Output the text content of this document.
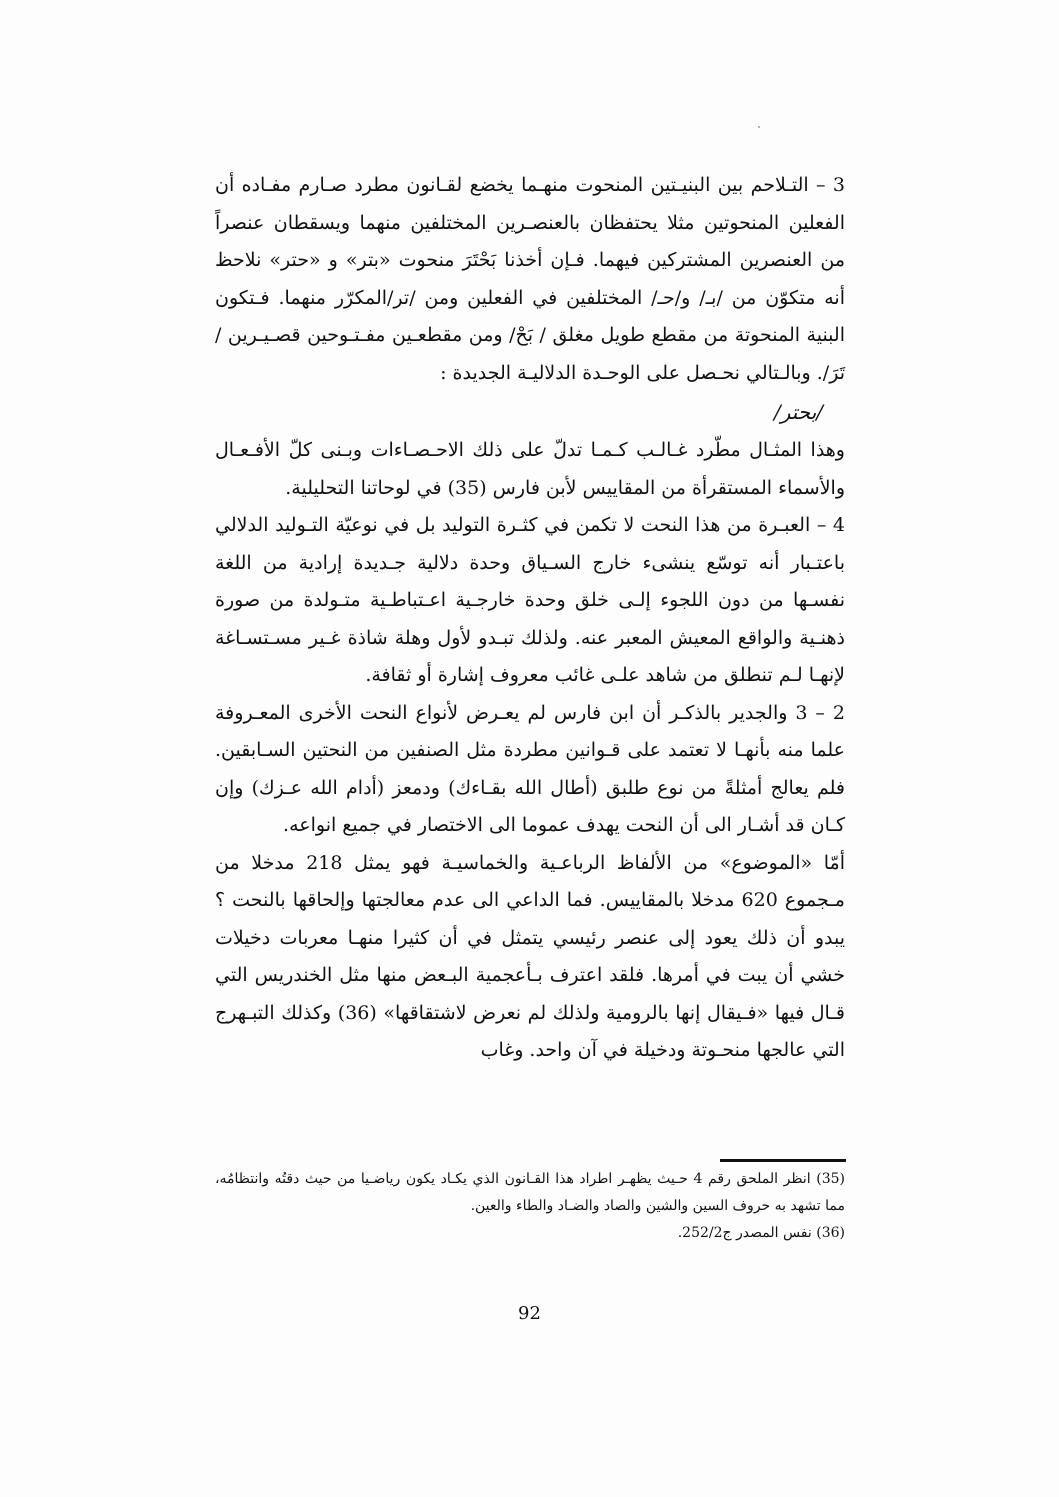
3 – التـلاحم بين البنيـتين المنحوت منهـما يخضع لقـانون مطرد صـارم مفـاده أن الفعلين المنحوتين مثلا يحتفظان بالعنصـرين المختلفين منهما ويسقطان عنصراً من العنصرين المشتركين فيهما. فـإن أخذنا بَحْتَرَ منحوت «بتر» و «حتر» نلاحظ أنه متكوّن من /بـ/ و/حـ/ المختلفين في الفعلين ومن /تر/المكرّر منهما. فـتكون البنية المنحوتة من مقطع طويل مغلق / بَحْ/ ومن مقطعـين مفـتـوحين قصـيـرين / تَرَ/. وبالـتالي نحـصل على الوحـدة الدلاليـة الجديدة :

/بحتر/

وهذا المثـال مطّرد غـالـب كـمـا تدلّ على ذلك الاحـصـاءات وبـنى كلّ الأفـعـال والأسماء المستقرأة من المقاييس لأبن فارس (35) في لوحاتنا التحليلية.

4 – العبـرة من هذا النحت لا تكمن في كثـرة التوليد بل في نوعيّة التـوليد الدلالي باعتـبار أنه توسّع ينشىء خارج السـياق وحدة دلالية جـديدة إرادية من اللغة نفسـها من دون اللجوء إلـى خلق وحدة خارجـية اعـتباطـية متـولدة من صورة ذهنـية والواقع المعيش المعبر عنه. ولذلك تبـدو لأول وهلة شاذة غـير مسـتسـاغة لإنهـا لـم تنطلق من شاهد علـى غائب معروف إشارة أو ثقافة.

2 – 3 والجدير بالذكـر أن ابن فارس لم يعـرض لأنواع النحت الأخرى المعـروفة علما منه بأنهـا لا تعتمد على قـوانين مطردة مثل الصنفين من النحتين السـابقين. فلم يعالج أمثلةً من نوع طلبق (أطال الله بقـاءك) ودمعز (أدام الله عـزك) وإن كـان قد أشـار الى أن النحت يهدف عموما الى الاختصار في جميع انواعه.

أمّا «الموضوع» من الألفاظ الرباعـية والخماسيـة فهو يمثل 218 مدخلا من مـجموع 620 مدخلا بالمقاييس. فما الداعي الى عدم معالجتها وإلحاقها بالنحت ؟ يبدو أن ذلك يعود إلى عنصر رئيسي يتمثل في أن كثيرا منهـا معربات دخيلات خشي أن يبت في أمرها. فلقد اعترف بـأعجمية البـعض منها مثل الخندريس التي قـال فيها «فـيقال إنها بالرومية ولذلك لم نعرض لاشتقاقها» (36) وكذلك التبـهرج التي عالجها منحـوتة ودخيلة في آن واحد. وغاب

(35) انظر الملحق رقم 4 حـيث يظهـر اطراد هذا القـانون الذي يكـاد يكون رياضـيا من حيث دقتُه وانتظامُه، مما تشهد به حروف السين والشين والصاد والضـاد والطاء والعين.

(36) نفس المصدر ج252/2.

92
